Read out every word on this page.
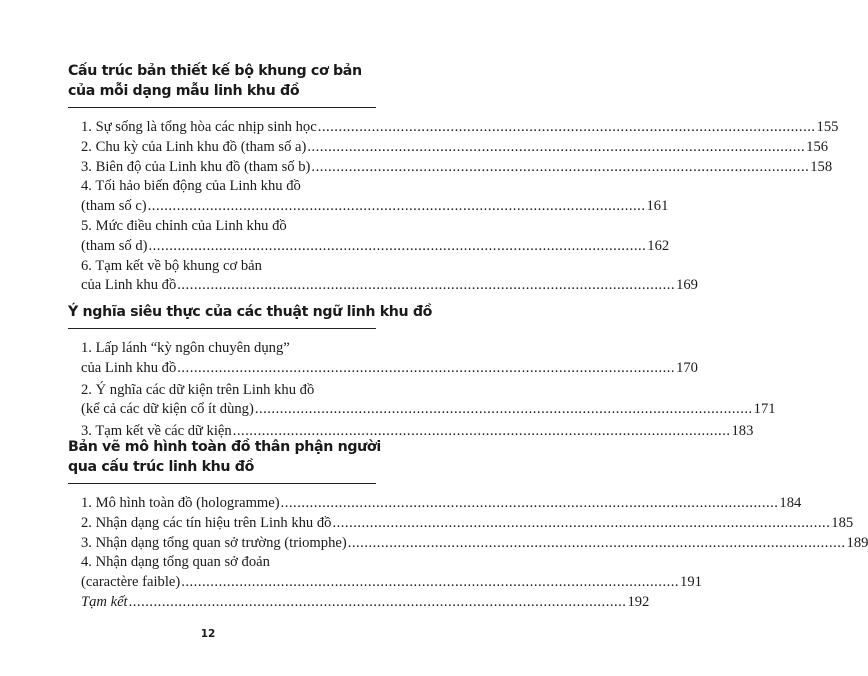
Cấu trúc bản thiết kế bộ khung cơ bản
của mỗi dạng mẫu linh khu đồ
1. Sự sống là tổng hòa các nhịp sinh học ........................................................................................................................ 155
2. Chu kỳ của Linh khu đồ (tham số a) ........................................................................................................................ 156
3. Biên độ của Linh khu đồ (tham số b) ........................................................................................................................ 158
4. Tối hảo biến động của Linh khu đồ
(tham số c) ........................................................................................................................ 161
5. Mức điều chỉnh của Linh khu đồ
(tham số d) ........................................................................................................................ 162
6. Tạm kết về bộ khung cơ bản
của Linh khu đồ ........................................................................................................................ 169
Ý nghĩa siêu thực của các thuật ngữ linh khu đồ
1. Lấp lánh “kỳ ngôn chuyên dụng”
của Linh khu đồ ........................................................................................................................ 170
2. Ý nghĩa các dữ kiện trên Linh khu đồ
(kể cả các dữ kiện cổ ít dùng) ........................................................................................................................ 171
3. Tạm kết về các dữ kiện ........................................................................................................................ 183
Bản vẽ mô hình toàn đồ thân phận người
qua cấu trúc linh khu đồ
1. Mô hình toàn đồ (hologramme) ........................................................................................................................ 184
2. Nhận dạng các tín hiệu trên Linh khu đồ ........................................................................................................................ 185
3. Nhận dạng tổng quan sở trường (triomphe) ........................................................................................................................ 189
4. Nhận dạng tổng quan sở đoản
(caractère faible) ........................................................................................................................ 191
Tạm kết ........................................................................................................................ 192
12
